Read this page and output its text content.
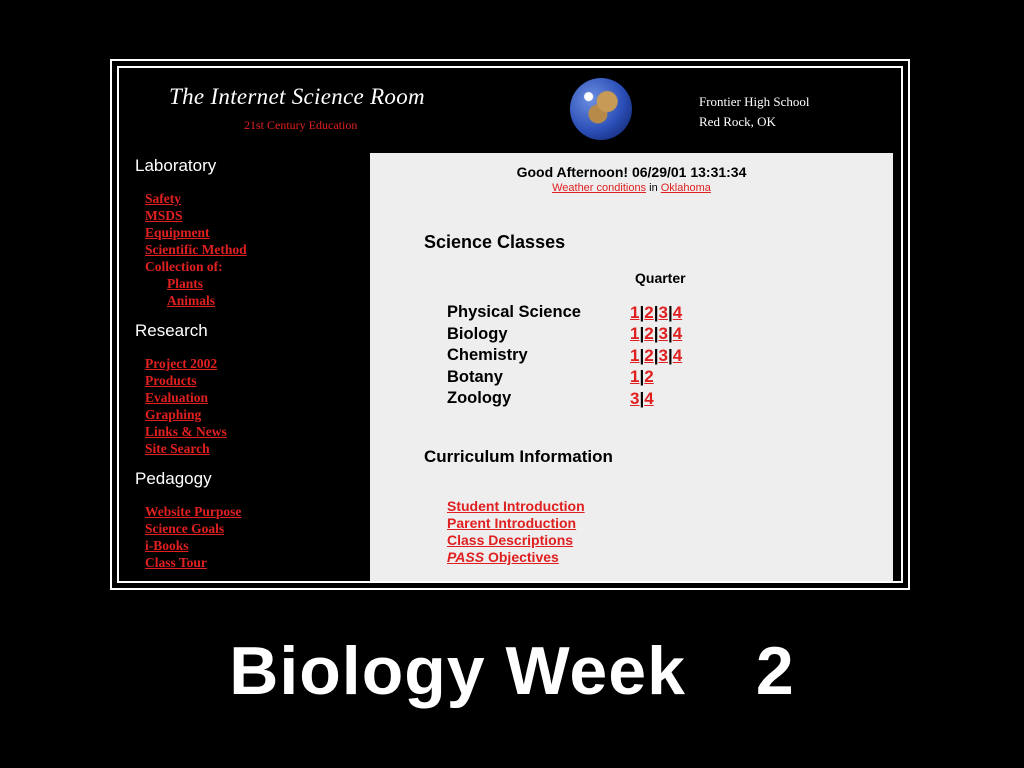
The Internet Science Room
21st Century Education
Frontier High School
Red Rock, OK
Laboratory
Safety
MSDS
Equipment
Scientific Method
Collection of:
Plants
Animals
Research
Project 2002
Products
Evaluation
Graphing
Links & News
Site Search
Pedagogy
Website Purpose
Science Goals
i-Books
Class Tour
Good Afternoon! 06/29/01 13:31:34
Weather conditions in Oklahoma
Science Classes
Quarter
Physical Science	1|2|3|4
Biology	1|2|3|4
Chemistry	1|2|3|4
Botany	1|2
Zoology	3|4
Curriculum Information
Student Introduction
Parent Introduction
Class Descriptions
PASS Objectives
Biology Week 2
